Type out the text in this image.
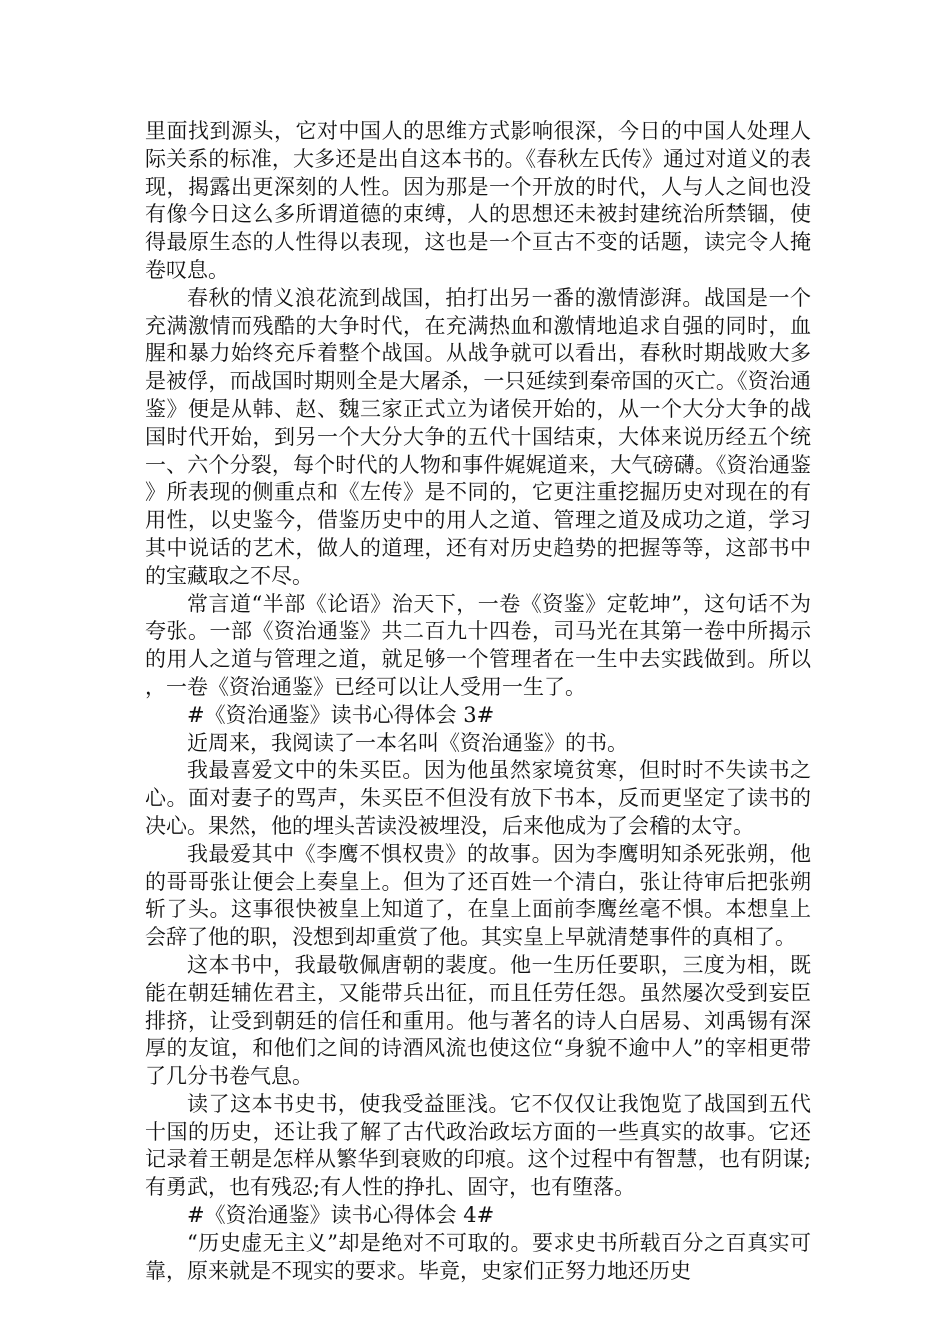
里面找到源头，它对中国人的思维方式影响很深，今日的中国人处理人际关系的标准，大多还是出自这本书的。《春秋左氏传》通过对道义的表现，揭露出更深刻的人性。因为那是一个开放的时代，人与人之间也没有像今日这么多所谓道德的束缚，人的思想还未被封建统治所禁锢，使得最原生态的人性得以表现，这也是一个亘古不变的话题，读完令人掩卷叹息。

春秋的情义浪花流到战国，拍打出另一番的激情澎湃。战国是一个充满激情而残酷的大争时代，在充满热血和激情地追求自强的同时，血腥和暴力始终充斥着整个战国。从战争就可以看出，春秋时期战败大多是被俘，而战国时期则全是大屠杀，一只延续到秦帝国的灭亡。《资治通鉴》便是从韩、赵、魏三家正式立为诸侯开始的，从一个大分大争的战国时代开始，到另一个大分大争的五代十国结束，大体来说历经五个统一、六个分裂，每个时代的人物和事件娓娓道来，大气磅礴。《资治通鉴》所表现的侧重点和《左传》是不同的，它更注重挖掘历史对现在的有用性，以史鉴今，借鉴历史中的用人之道、管理之道及成功之道，学习其中说话的艺术，做人的道理，还有对历史趋势的把握等等，这部书中的宝藏取之不尽。

常言道“半部《论语》治天下，一卷《资鉴》定乾坤”，这句话不为夸张。一部《资治通鉴》共二百九十四卷，司马光在其第一卷中所揭示的用人之道与管理之道，就足够一个管理者在一生中去实践做到。所以，一卷《资治通鉴》已经可以让人受用一生了。

#《资治通鉴》读书心得体会 3#

近周来，我阅读了一本名叫《资治通鉴》的书。

我最喜爱文中的朱买臣。因为他虽然家境贫寒，但时时不失读书之心。面对妻子的骂声，朱买臣不但没有放下书本，反而更坚定了读书的决心。果然，他的埋头苦读没被埋没，后来他成为了会稽的太守。

我最爱其中《李鹰不惧权贵》的故事。因为李鹰明知杀死张朔，他的哥哥张让便会上奏皇上。但为了还百姓一个清白，张让待审后把张朔斩了头。这事很快被皇上知道了，在皇上面前李鹰丝毫不惧。本想皇上会辞了他的职，没想到却重赏了他。其实皇上早就清楚事件的真相了。

这本书中，我最敬佩唐朝的裴度。他一生历任要职，三度为相，既能在朝廷辅佐君主，又能带兵出征，而且任劳任怨。虽然屡次受到妄臣排挤，让受到朝廷的信任和重用。他与著名的诗人白居易、刘禹锡有深厚的友谊，和他们之间的诗酒风流也使这位“身貌不逾中人”的宰相更带了几分书卷气息。

读了这本书史书，使我受益匪浅。它不仅仅让我饱览了战国到五代十国的历史，还让我了解了古代政治政坛方面的一些真实的故事。它还记录着王朝是怎样从繁华到衰败的印痕。这个过程中有智慧，也有阴谋;有勇武，也有残忍;有人性的挣扎、固守，也有堕落。

#《资治通鉴》读书心得体会 4#

“历史虚无主义”却是绝对不可取的。要求史书所载百分之百真实可靠，原来就是不现实的要求。毕竟，史家们正努力地还历史
